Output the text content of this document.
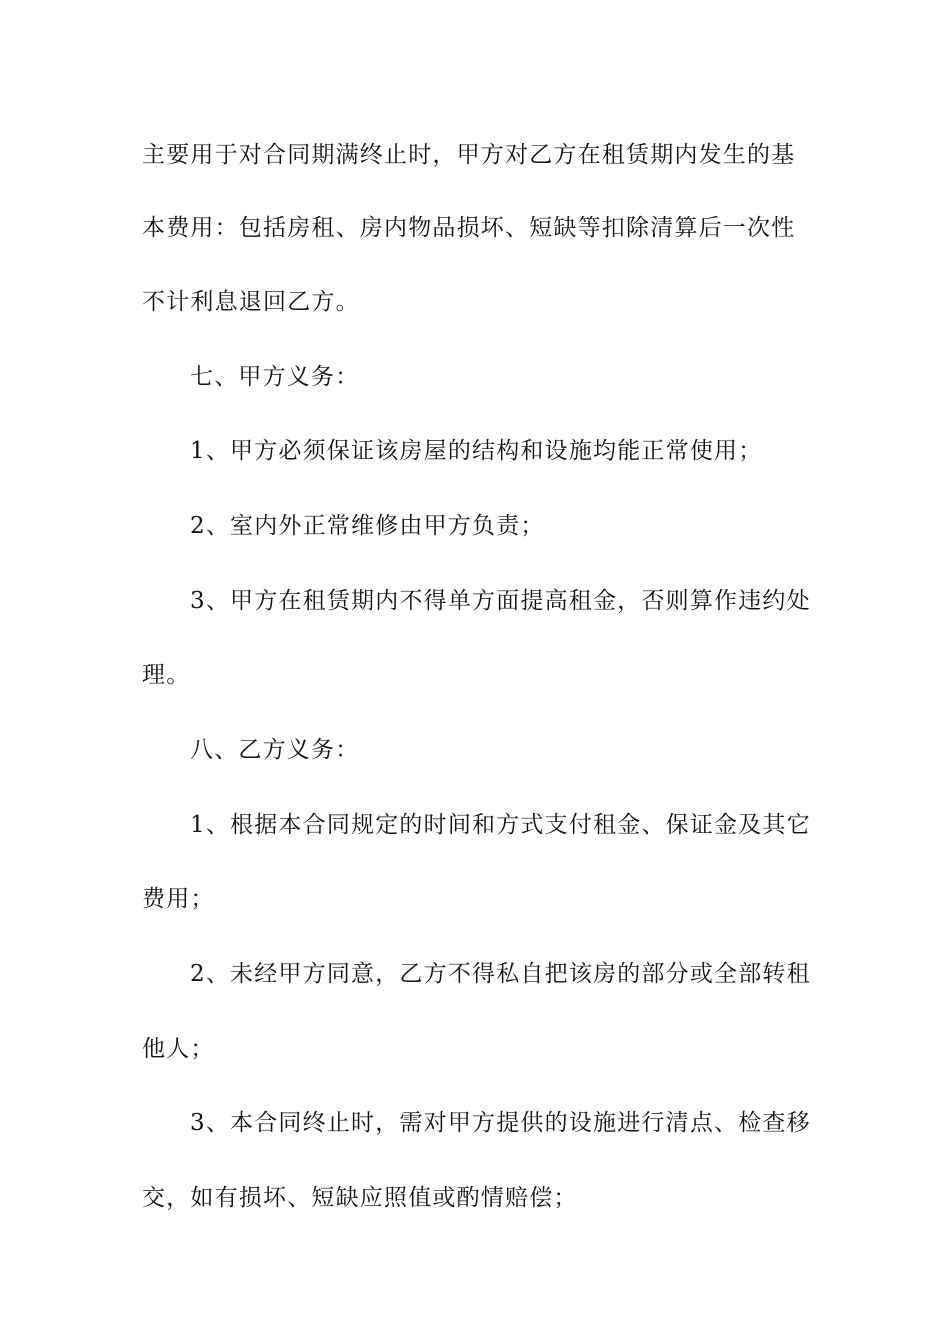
主要用于对合同期满终止时，甲方对乙方在租赁期内发生的基
本费用：包括房租、房内物品损坏、短缺等扣除清算后一次性
不计利息退回乙方。
七、甲方义务：
1、甲方必须保证该房屋的结构和设施均能正常使用；
2、室内外正常维修由甲方负责；
3、甲方在租赁期内不得单方面提高租金，否则算作违约处
理。
八、乙方义务：
1、根据本合同规定的时间和方式支付租金、保证金及其它
费用；
2、未经甲方同意，乙方不得私自把该房的部分或全部转租
他人；
3、本合同终止时，需对甲方提供的设施进行清点、检查移
交，如有损坏、短缺应照值或酌情赔偿；
